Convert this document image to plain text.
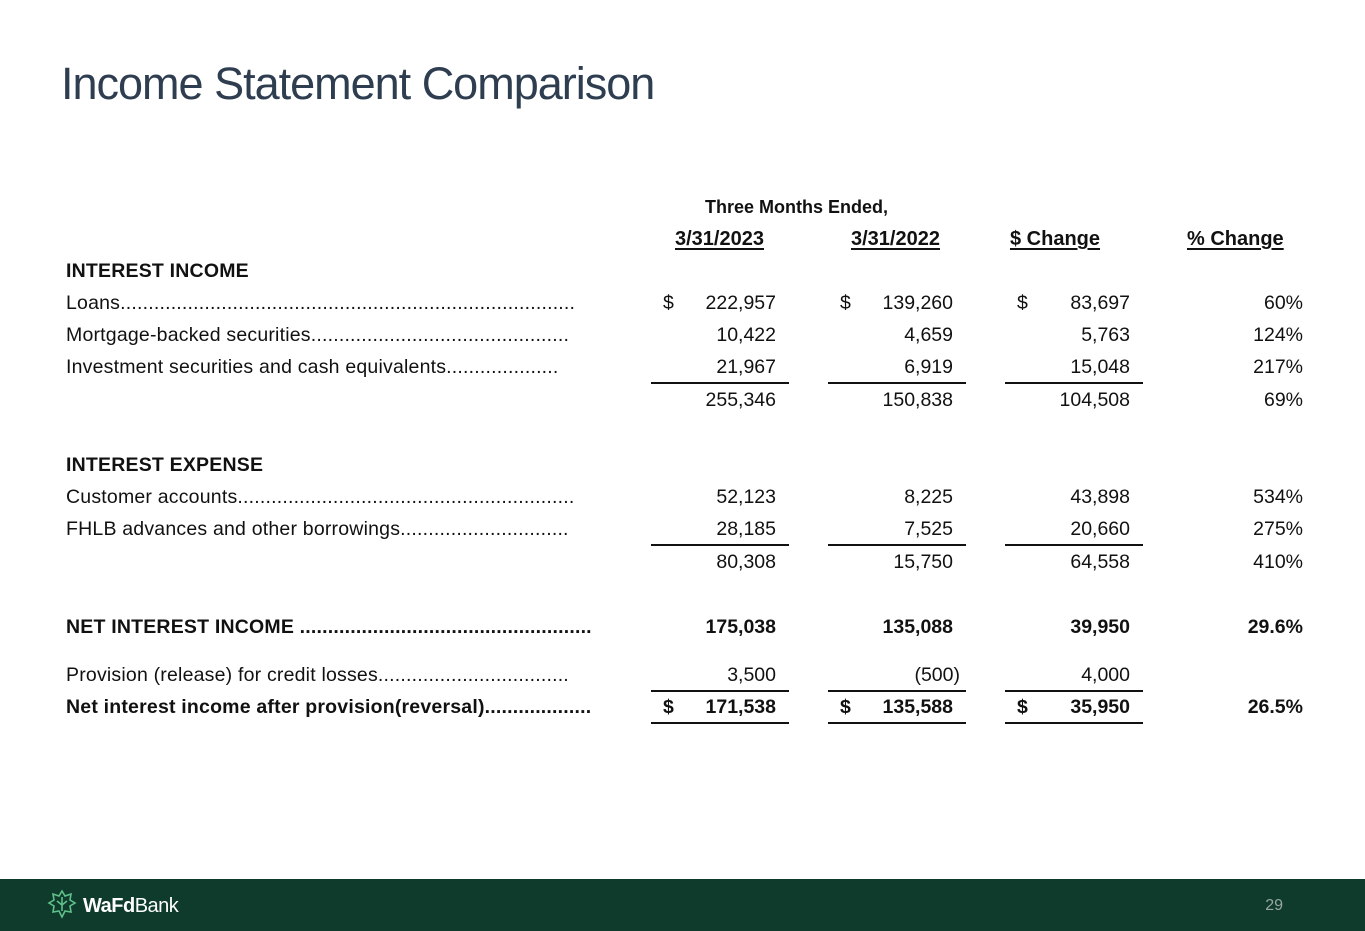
Income Statement Comparison
Three Months Ended,
3/31/2023	3/31/2022	$ Change	% Change
INTEREST INCOME
Loans.................................................................................	$ 222,957	$ 139,260	$ 83,697	60%
Mortgage-backed securities..............................................	10,422	4,659	5,763	124%
Investment securities and cash equivalents....................	21,967	6,919	15,048	217%
255,346	150,838	104,508	69%
INTEREST EXPENSE
Customer accounts............................................................	52,123	8,225	43,898	534%
FHLB advances and other borrowings..............................	28,185	7,525	20,660	275%
80,308	15,750	64,558	410%
NET INTEREST INCOME ....................................................	175,038	135,088	39,950	29.6%
Provision (release) for credit losses..................................	3,500	(500)	4,000
Net interest income after provision(reversal)...................	$ 171,538	$ 135,588	$ 35,950	26.5%
WaFdBank	29
